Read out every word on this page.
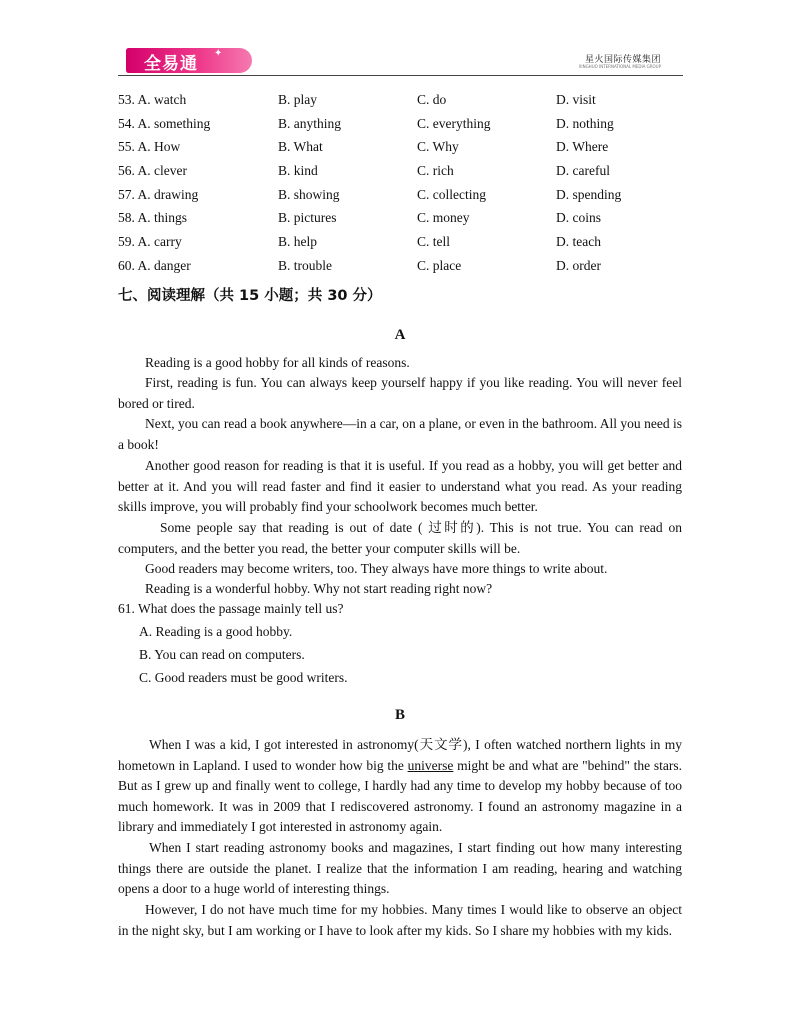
全易通
✦
星火国际传媒集团
XINGHUO INTERNATIONAL MEDIA GROUP
53. A. watch	B. play	C. do	D. visit
54. A. something	B. anything	C. everything	D. nothing
55. A. How	B. What	C. Why	D. Where
56. A. clever	B. kind	C. rich	D. careful
57. A. drawing	B. showing	C. collecting	D. spending
58. A. things	B. pictures	C. money	D. coins
59. A. carry	B. help	C. tell	D. teach
60. A. danger	B. trouble	C. place	D. order
七、阅读理解（共 15 小题；共 30 分）
A

Reading is a good hobby for all kinds of reasons.

First, reading is fun. You can always keep yourself happy if you like reading. You will never feel bored or tired.

Next, you can read a book anywhere—in a car, on a plane, or even in the bathroom. All you need is a book!

Another good reason for reading is that it is useful. If you read as a hobby, you will get better and better at it. And you will read faster and find it easier to understand what you read. As your reading skills improve, you will probably find your schoolwork becomes much better.

Some people say that reading is out of date ( 过时的). This is not true. You can read on computers, and the better you read, the better your computer skills will be.

Good readers may become writers, too. They always have more things to write about.

Reading is a wonderful hobby. Why not start reading right now?

61. What does the passage mainly tell us?
A. Reading is a good hobby.
B. You can read on computers.
C. Good readers must be good writers.
B

When I was a kid, I got interested in astronomy(天文学), I often watched northern lights in my hometown in Lapland. I used to wonder how big the universe might be and what are "behind" the stars. But as I grew up and finally went to college, I hardly had any time to develop my hobby because of too much homework. It was in 2009 that I rediscovered astronomy. I found an astronomy magazine in a library and immediately I got interested in astronomy again.

When I start reading astronomy books and magazines, I start finding out how many interesting things there are outside the planet. I realize that the information I am reading, hearing and watching opens a door to a huge world of interesting things.

However, I do not have much time for my hobbies. Many times I would like to observe an object in the night sky, but I am working or I have to look after my kids. So I share my hobbies with my kids.
